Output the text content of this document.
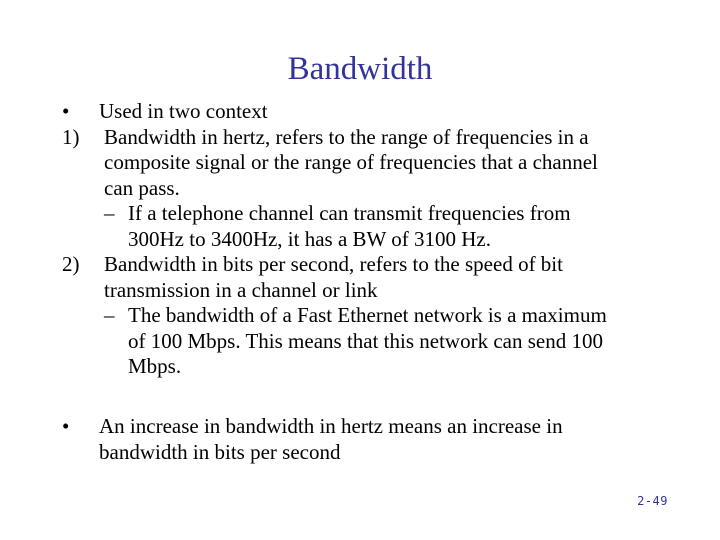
Bandwidth
• Used in two context
1) Bandwidth in hertz, refers to the range of frequencies in a
composite signal or the range of frequencies that a channel
can pass.
– If a telephone channel can transmit frequencies from
300Hz to 3400Hz, it has a BW of 3100 Hz.
2) Bandwidth in bits per second, refers to the speed of bit
transmission in a channel or link
– The bandwidth of a Fast Ethernet network is a maximum
of 100 Mbps. This means that this network can send 100
Mbps.
• An increase in bandwidth in hertz means an increase in
bandwidth in bits per second
2-49
